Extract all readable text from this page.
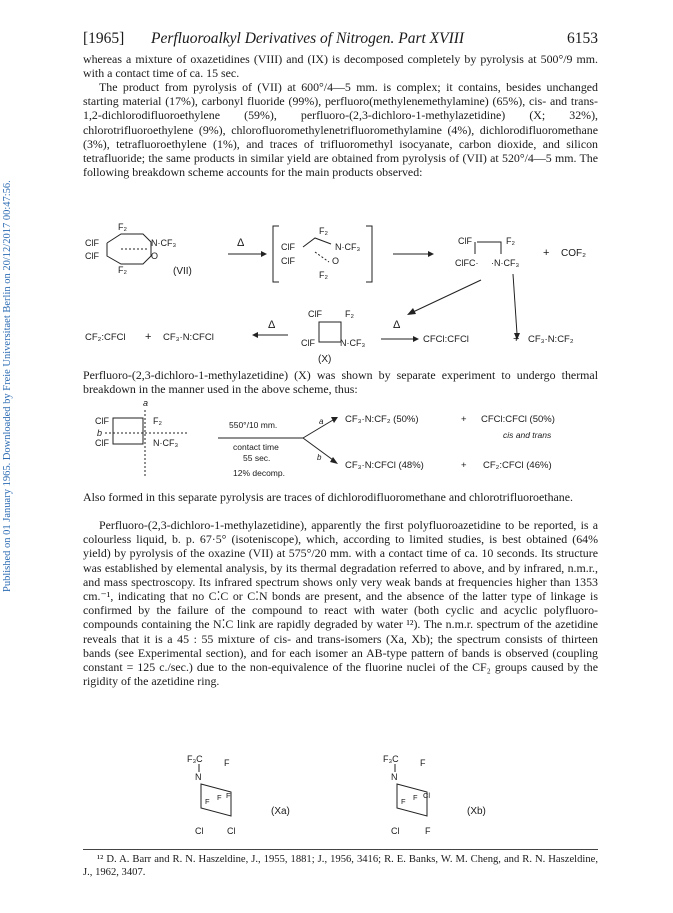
[1965] Perfluoroalkyl Derivatives of Nitrogen. Part XVIII	6153
Published on 01 January 1965. Downloaded by Freie Universitaet Berlin on 20/12/2017 00:47:56.

whereas a mixture of oxazetidines (VIII) and (IX) is decomposed completely by pyrolysis at 500°/9 mm. with a contact time of ca. 15 sec.

The product from pyrolysis of (VII) at 600°/4—5 mm. is complex; it contains, besides unchanged starting material (17%), carbonyl fluoride (99%), perfluoro(methylenemethylamine) (65%), cis- and trans-1,2-dichlorodifluoroethylene (59%), perfluoro-(2,3-dichloro-1-methylazetidine) (X; 32%), chlorotrifluoroethylene (9%), chlorofluoromethylenetrifluoromethylamine (4%), dichlorodifluoromethane (3%), tetrafluoroethylene (1%), and traces of trifluoromethyl isocyanate, carbon dioxide, and silicon tetrafluoride; the same products in similar yield are obtained from pyrolysis of (VII) at 520°/4—5 mm. The following breakdown scheme accounts for the main products observed:

F₂
ClF
ClF
N·CF₃
O
F₂	(VII)
Δ
F₂
ClF
ClF
N·CF₃
O
F₂
ClF	F₂
ClFC· ·N·CF₃
+ COF₂
CF₂:CFCl + CF₃·N:CFCl
Δ
ClF	F₂
ClF	N·CF₃
(X)
Δ
CFCl:CFCl	+ CF₃·N:CF₂

Perfluoro-(2,3-dichloro-1-methylazetidine) (X) was shown by separate experiment to undergo thermal breakdown in the manner used in the above scheme, thus:

a
ClF	F₂
ClF	N·CF₃
b
550°/10 mm.
contact time
55 sec.
12% decomp.
a
b
CF₃·N:CF₂ (50%)	+ CFCl:CFCl (50%)
cis and trans
CF₃·N:CFCl (48%)	+ CF₂:CFCl (46%)

Also formed in this separate pyrolysis are traces of dichlorodifluoromethane and chlorotrifluoroethane.

Perfluoro-(2,3-dichloro-1-methylazetidine), apparently the first polyfluoroazetidine to be reported, is a colourless liquid, b. p. 67·5° (isoteniscope), which, according to limited studies, is best obtained (64% yield) by pyrolysis of the oxazine (VII) at 575°/20 mm. with a contact time of ca. 10 seconds. Its structure was established by elemental analysis, by its thermal degradation referred to above, and by infrared, n.m.r., and mass spectroscopy. Its infrared spectrum shows only very weak bands at frequencies higher than 1353 cm.⁻¹, indicating that no C⁚C or C⁚N bonds are present, and the absence of the latter type of linkage is confirmed by the failure of the compound to react with water (both cyclic and acyclic polyfluoro-compounds containing the N⁚C link are rapidly degraded by water ¹²). The n.m.r. spectrum of the azetidine reveals that it is a 45 : 55 mixture of cis- and trans-isomers (Xa, Xb); the spectrum consists of thirteen bands (see Experimental section), and for each isomer an AB-type pattern of bands is observed (coupling constant = 125 c./sec.) due to the non-equivalence of the fluorine nuclei of the CF₂ groups caused by the rigidity of the azetidine ring.

F₃C F
N
F F F
Cl	Cl
(Xa)
F₃C F
N
F F Cl
Cl	F
(Xb)

¹² D. A. Barr and R. N. Haszeldine, J., 1955, 1881; J., 1956, 3416; R. E. Banks, W. M. Cheng, and R. N. Haszeldine, J., 1962, 3407.
